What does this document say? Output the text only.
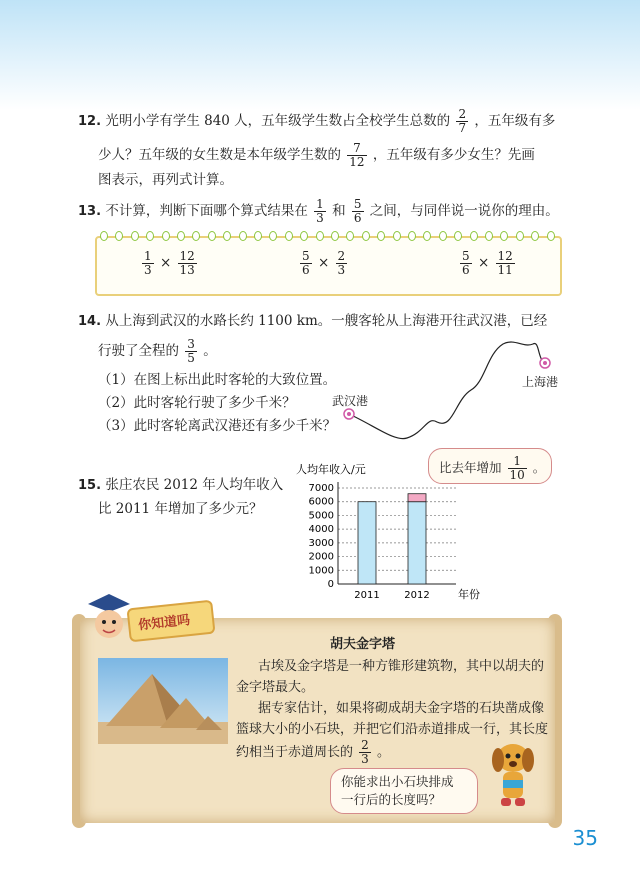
12. 光明小学有学生 840 人，五年级学生数占全校学生总数的 $\frac{2}{7}$ ，五年级有多
少人？五年级的女生数是本年级学生数的 $\frac{7}{12}$ ，五年级有多少女生？先画
图表示，再列式计算。
13. 不计算，判断下面哪个算式结果在 $\frac{1}{3}$ 和 $\frac{5}{6}$ 之间，与同伴说一说你的理由。
$\frac{1}{3} \times \frac{12}{13}$	$\frac{5}{6} \times \frac{2}{3}$	$\frac{5}{6} \times \frac{12}{11}$
14. 从上海到武汉的水路长约 1100 km。一艘客轮从上海港开往武汉港，已经
行驶了全程的 $\frac{3}{5}$ 。
（1）在图上标出此时客轮的大致位置。
（2）此时客轮行驶了多少千米？
（3）此时客轮离武汉港还有多少千米？
武汉港
上海港
15. 张庄农民 2012 年人均年收入
比 2011 年增加了多少元？
比去年增加 $\frac{1}{10}$ 。
人均年收入/元
0
1000
2000
3000
4000
5000
6000
7000
2011 2012	年份
你知道吗
胡夫金字塔
古埃及金字塔是一种方锥形建筑物，其中以胡夫的
金字塔最大。
据专家估计，如果将砌成胡夫金字塔的石块凿成像
篮球大小的小石块，并把它们沿赤道排成一行，其长度
约相当于赤道周长的 $\frac{2}{3}$ 。
你能求出小石块排成
一行后的长度吗？
35
